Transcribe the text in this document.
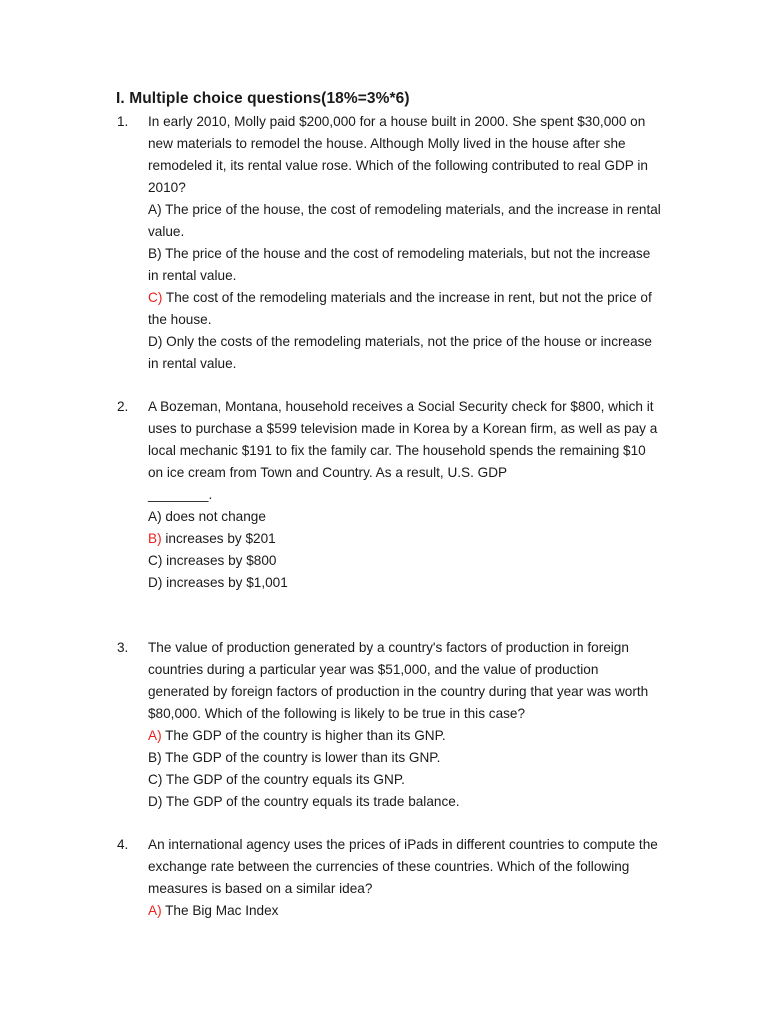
I. Multiple choice questions(18%=3%*6)
1. In early 2010, Molly paid $200,000 for a house built in 2000. She spent $30,000 on new materials to remodel the house. Although Molly lived in the house after she remodeled it, its rental value rose. Which of the following contributed to real GDP in 2010?

A) The price of the house, the cost of remodeling materials, and the increase in rental value.

B) The price of the house and the cost of remodeling materials, but not the increase in rental value.

C) The cost of the remodeling materials and the increase in rent, but not the price of the house.

D) Only the costs of the remodeling materials, not the price of the house or increase in rental value.

2. A Bozeman, Montana, household receives a Social Security check for $800, which it uses to purchase a $599 television made in Korea by a Korean firm, as well as pay a local mechanic $191 to fix the family car. The household spends the remaining $10 on ice cream from Town and Country. As a result, U.S. GDP

________.

A) does not change

B) increases by $201

C) increases by $800

D) increases by $1,001

3. The value of production generated by a country's factors of production in foreign countries during a particular year was $51,000, and the value of production generated by foreign factors of production in the country during that year was worth $80,000. Which of the following is likely to be true in this case?

A) The GDP of the country is higher than its GNP.

B) The GDP of the country is lower than its GNP.

C) The GDP of the country equals its GNP.

D) The GDP of the country equals its trade balance.

4. An international agency uses the prices of iPads in different countries to compute the exchange rate between the currencies of these countries. Which of the following measures is based on a similar idea?

A) The Big Mac Index
